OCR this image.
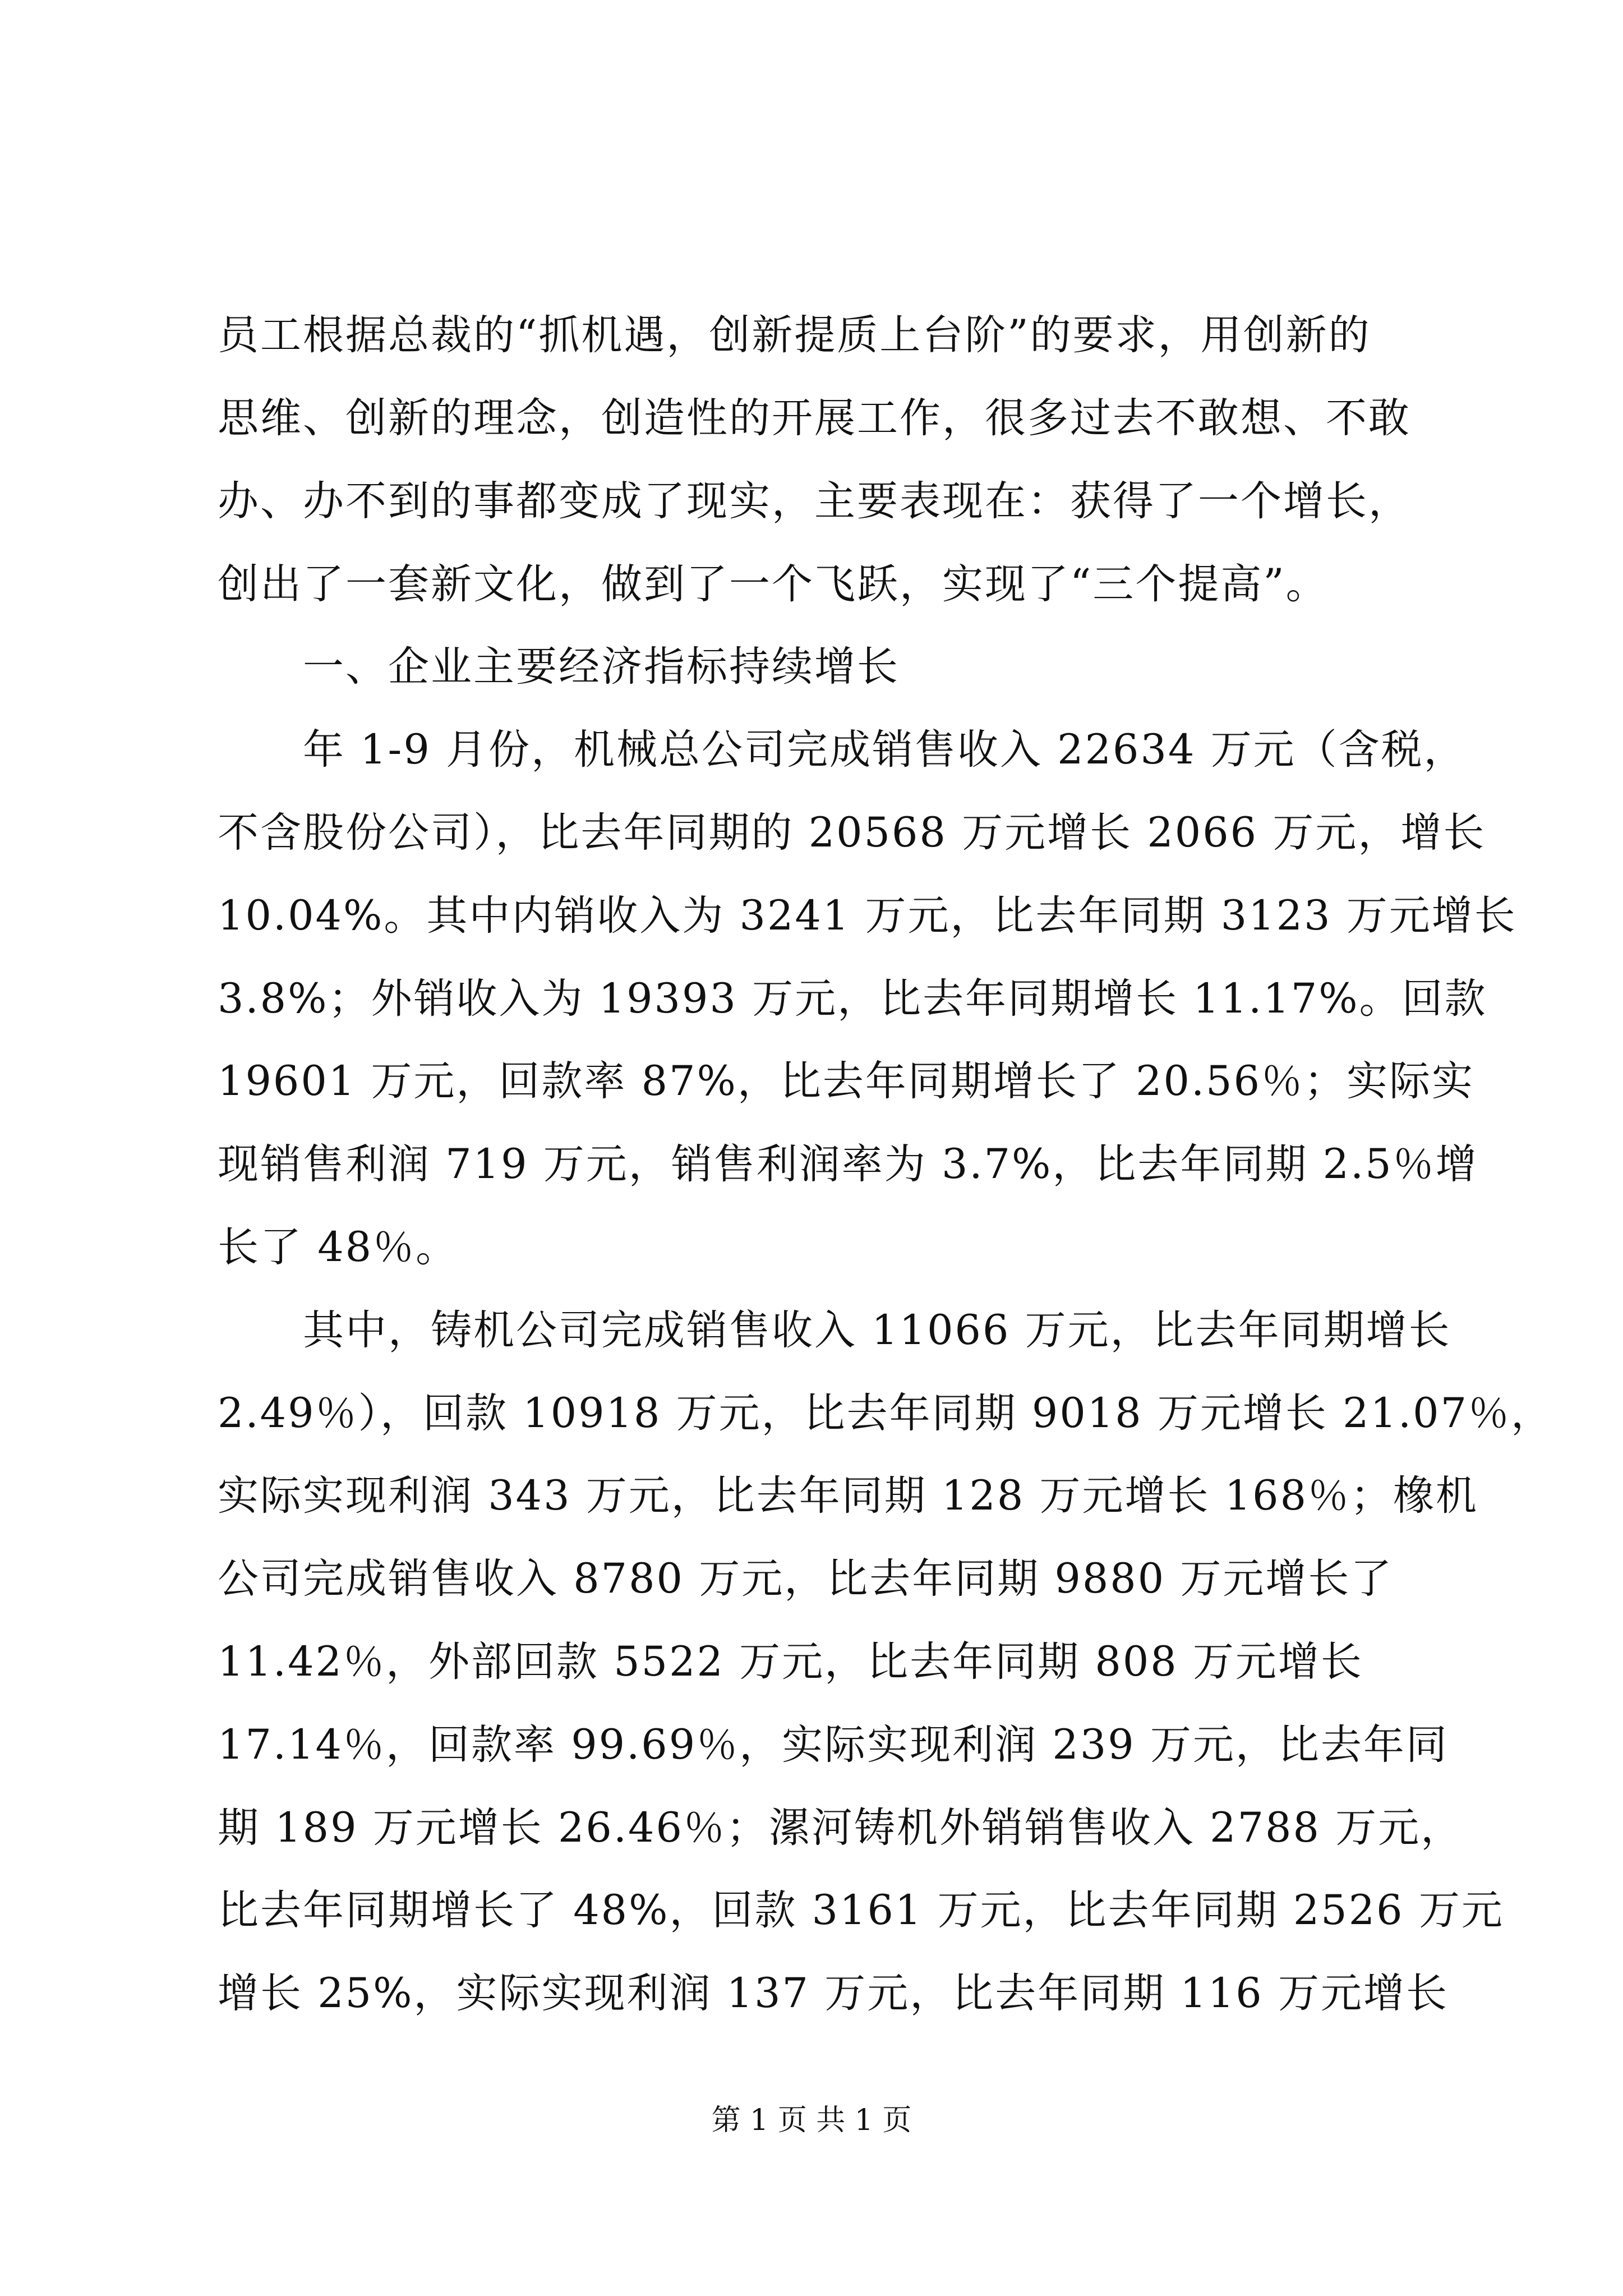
员工根据总裁的“抓机遇，创新提质上台阶”的要求，用创新的
思维、创新的理念，创造性的开展工作，很多过去不敢想、不敢
办、办不到的事都变成了现实，主要表现在：获得了一个增长，
创出了一套新文化，做到了一个飞跃，实现了“三个提高”。
一、企业主要经济指标持续增长
年 1-9 月份，机械总公司完成销售收入 22634 万元（含税，
不含股份公司），比去年同期的 20568 万元增长 2066 万元，增长
10.04%。其中内销收入为 3241 万元，比去年同期 3123 万元增长
3.8%；外销收入为 19393 万元，比去年同期增长 11.17%。回款
19601 万元，回款率 87%，比去年同期增长了 20.56％；实际实
现销售利润 719 万元，销售利润率为 3.7%，比去年同期 2.5％增
长了 48％。
其中，铸机公司完成销售收入 11066 万元，比去年同期增长
2.49％），回款 10918 万元，比去年同期 9018 万元增长 21.07％，
实际实现利润 343 万元，比去年同期 128 万元增长 168％；橡机
公司完成销售收入 8780 万元，比去年同期 9880 万元增长了
11.42％，外部回款 5522 万元，比去年同期 808 万元增长
17.14％，回款率 99.69％，实际实现利润 239 万元，比去年同
期 189 万元增长 26.46％；漯河铸机外销销售收入 2788 万元，
比去年同期增长了 48%，回款 3161 万元，比去年同期 2526 万元
增长 25%，实际实现利润 137 万元，比去年同期 116 万元增长
第 1 页 共 1 页
